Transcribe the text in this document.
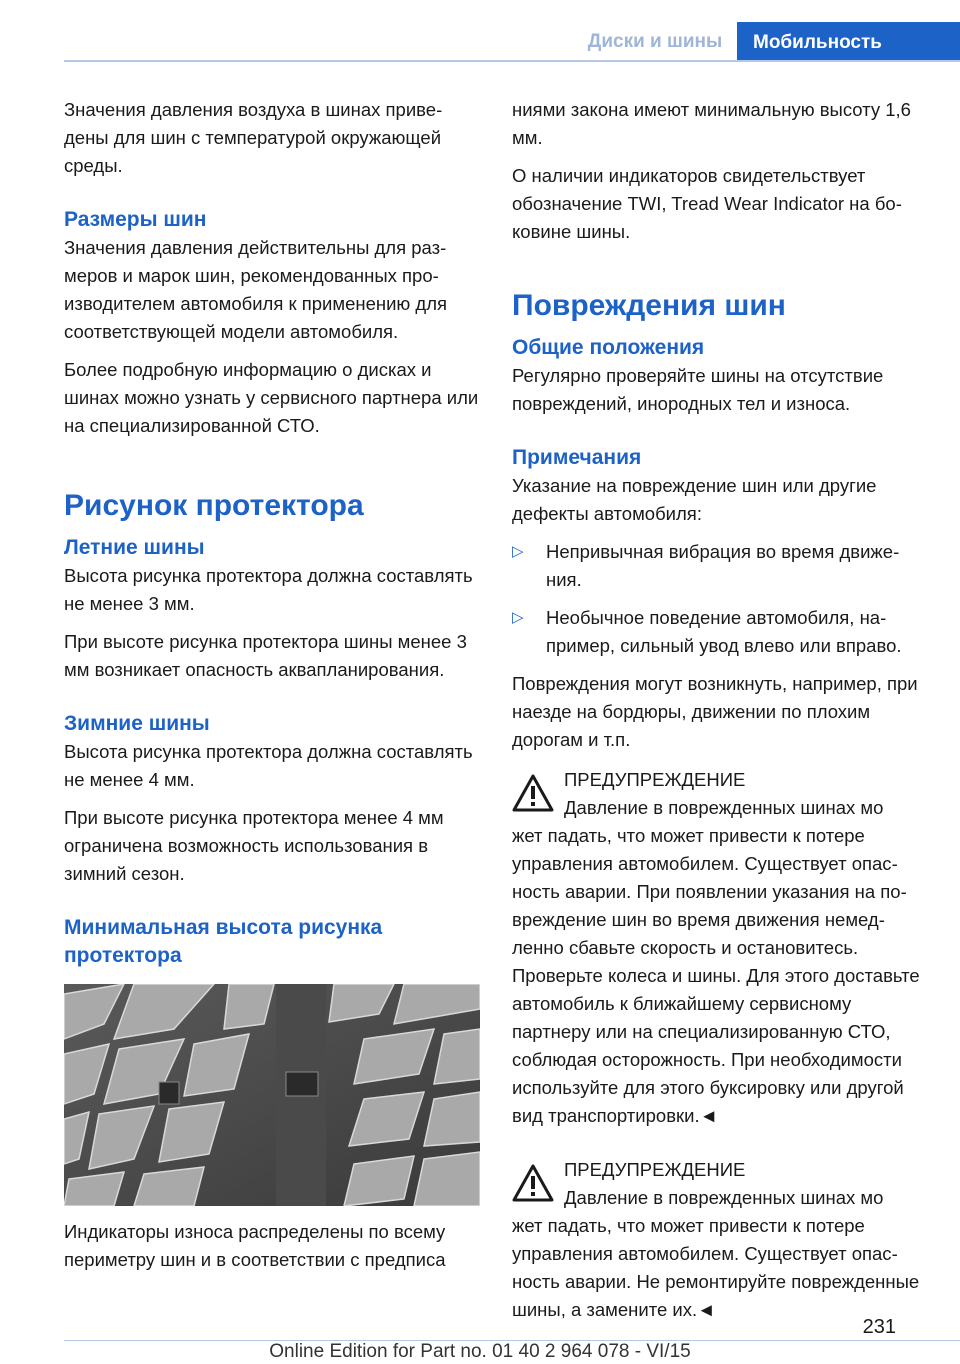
Диски и шины	Мобильность

Значения давления воздуха в шинах приведены для шин с температурой окружающей среды.

Размеры шин

Значения давления действительны для размеров и марок шин, рекомендованных производителем автомобиля к применению для соответствующей модели автомобиля.

Более подробную информацию о дисках и шинах можно узнать у сервисного партнера или на специализированной СТО.

Рисунок протектора
Летние шины

Высота рисунка протектора должна составлять не менее 3 мм.

При высоте рисунка протектора шины менее 3 мм возникает опасность аквапланирования.

Зимние шины

Высота рисунка протектора должна составлять не менее 4 мм.

При высоте рисунка протектора менее 4 мм ограничена возможность использования в зимний сезон.

Минимальная высота рисунка протектора

Индикаторы износа распределены по всему периметру шин и в соответствии с предписа

ниями закона имеют минимальную высоту 1,6 мм.

О наличии индикаторов свидетельствует обозначение TWI, Tread Wear Indicator на боковине шины.

Повреждения шин
Общие положения

Регулярно проверяйте шины на отсутствие повреждений, инородных тел и износа.

Примечания

Указание на повреждение шин или другие дефекты автомобиля:

▷	Непривычная вибрация во время движения.
▷	Необычное поведение автомобиля, например, сильный увод влево или вправо.

Повреждения могут возникнуть, например, при наезде на бордюры, движении по плохим дорогам и т.п.

ПРЕДУПРЕЖДЕНИЕ

Давление в поврежденных шинах мо

жет падать, что может привести к потере управления автомобилем. Существует опасность аварии. При появлении указания на повреждение шин во время движения немедленно сбавьте скорость и остановитесь. Проверьте колеса и шины. Для этого доставьте автомобиль к ближайшему сервисному партнеру или на специализированную СТО, соблюдая осторожность. При необходимости используйте для этого буксировку или другой вид транспортировки.◄

ПРЕДУПРЕЖДЕНИЕ

Давление в поврежденных шинах мо

жет падать, что может привести к потере управления автомобилем. Существует опасность аварии. Не ремонтируйте поврежденные шины, а замените их.◄

231
Online Edition for Part no. 01 40 2 964 078 - VI/15
